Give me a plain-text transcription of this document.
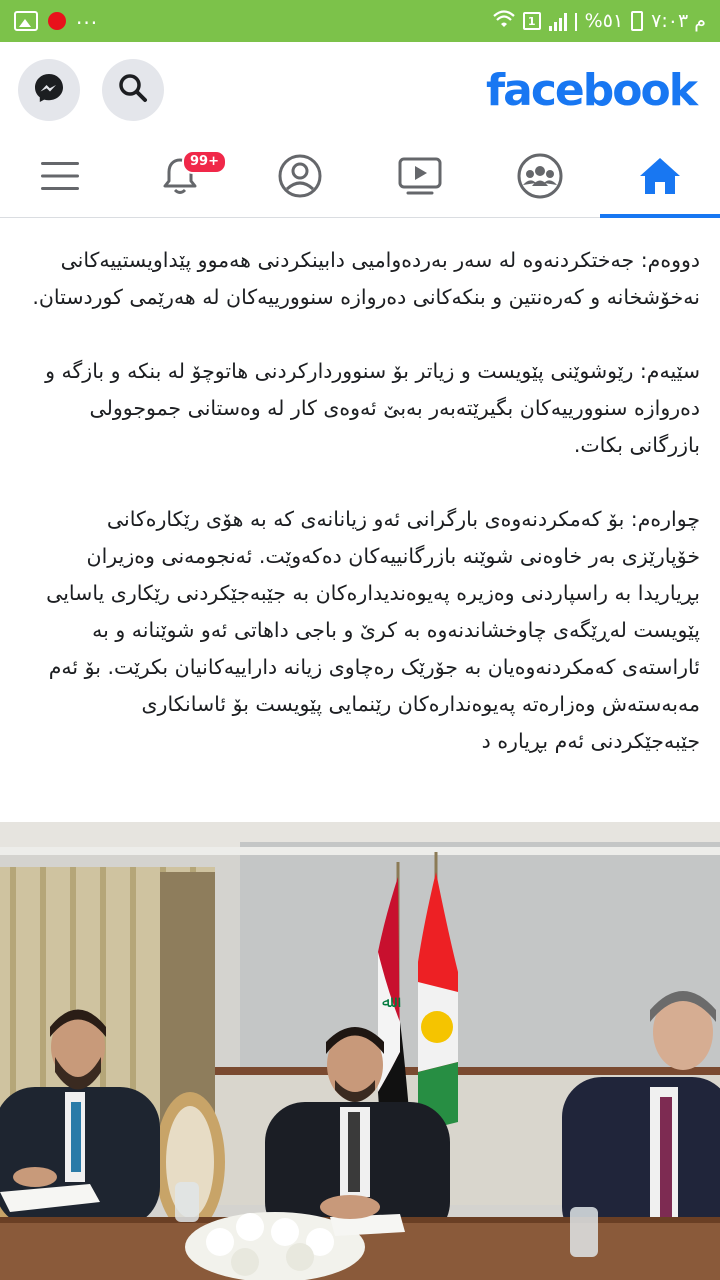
...	1	%٥١ م ٧:٠٣
facebook
99+

دووەم: جەختکردنەوە لە سەر بەردەوامیی دابینکردنی هەموو پێداویستییەکانی نەخۆشخانە و کەرەنتین و بنکەکانی دەروازە سنوورییەکان لە هەرێمی کوردستان.

سێیەم: رێوشوێنی پێویست و زیاتر بۆ سنووردارکردنی هاتوچۆ لە بنکە و بازگە و دەروازە سنوورییەکان بگیرێتەبەر بەبێ ئەوەی کار لە وەستانی جموجوولی بازرگانی بکات.

چوارەم: بۆ کەمکردنەوەی بارگرانی ئەو زیانانەی کە بە هۆی رێکارەکانی خۆپارێزی بەر خاوەنی شوێنە بازرگانییەکان دەکەوێت. ئەنجومەنی وەزیران بڕیاریدا بە راسپاردنی وەزیرە پەیوەندیدارەکان بە جێبەجێکردنی رێکاری یاسایی پێویست لەڕێگەی چاوخشاندنەوە بە کرێ و باجی داهاتی ئەو شوێنانە و بە ئاراستەی کەمکردنەوەیان بە جۆرێک رەچاوی زیانە داراییەکانیان بکرێت. بۆ ئەم مەبەستەش وەزارەتە پەیوەندارەکان رێنمایی پێویست بۆ ئاسانکاری جێبەجێکردنی ئەم بڕیارە د

ﷲ
